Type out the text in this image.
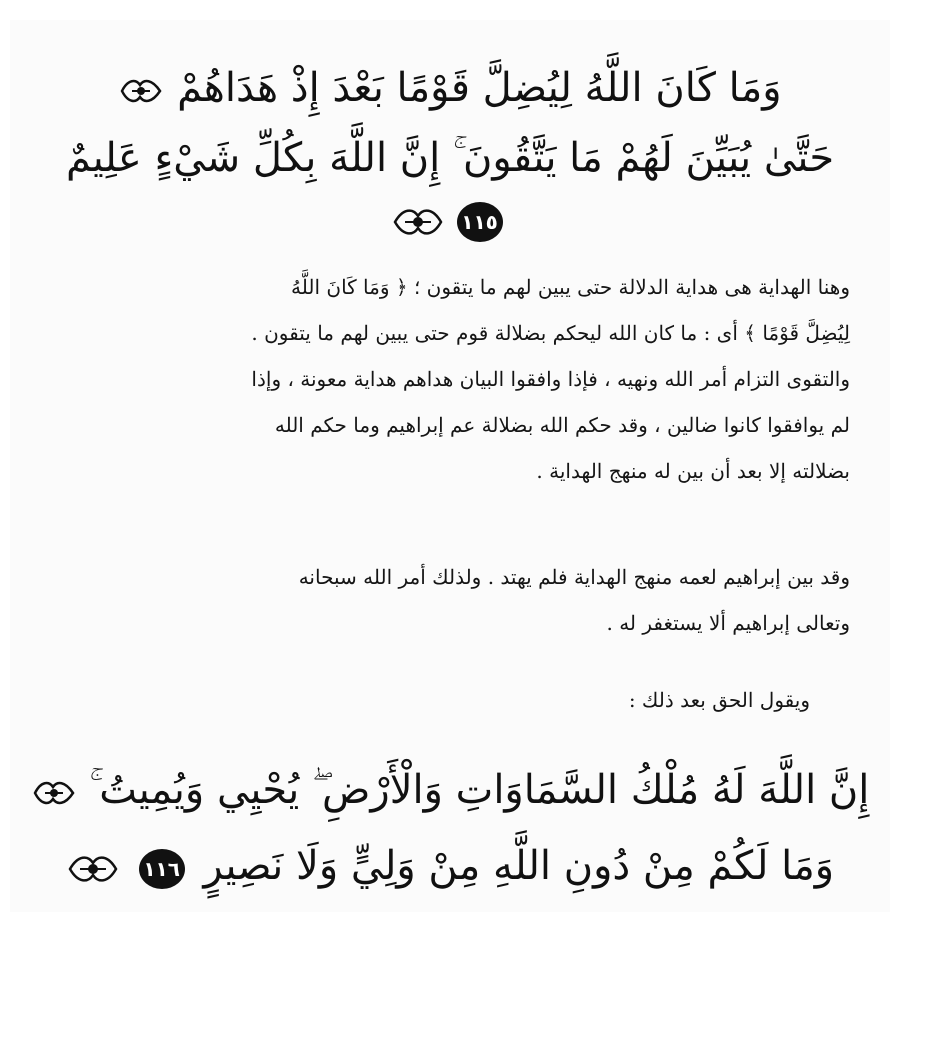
وَمَا كَانَ اللَّهُ لِيُضِلَّ قَوْمًا بَعْدَ إِذْ هَدَاهُمْ
حَتَّىٰ يُبَيِّنَ لَهُمْ مَا يَتَّقُونَ ۚ إِنَّ اللَّهَ بِكُلِّ شَيْءٍ عَلِيمٌ
١١٥
وهنا الهداية هى هداية الدلالة حتى يبين لهم ما يتقون ؛ ﴿ وَمَا كَانَ اللَّهُ
لِيُضِلَّ قَوْمًا ﴾ أى : ما كان الله ليحكم بضلالة قوم حتى يبين لهم ما يتقون .
والتقوى التزام أمر الله ونهيه ، فإذا وافقوا البيان هداهم هداية معونة ، وإذا
لم يوافقوا كانوا ضالين ، وقد حكم الله بضلالة عم إبراهيم وما حكم الله
بضلالته إلا بعد أن بين له منهج الهداية .
وقد بين إبراهيم لعمه منهج الهداية فلم يهتد . ولذلك أمر الله سبحانه
وتعالى إبراهيم ألا يستغفر له .
ويقول الحق بعد ذلك :
إِنَّ اللَّهَ لَهُ مُلْكُ السَّمَاوَاتِ وَالْأَرْضِ ۖ يُحْيِي وَيُمِيتُ ۚ
وَمَا لَكُمْ مِنْ دُونِ اللَّهِ مِنْ وَلِيٍّ وَلَا نَصِيرٍ ١١٦
